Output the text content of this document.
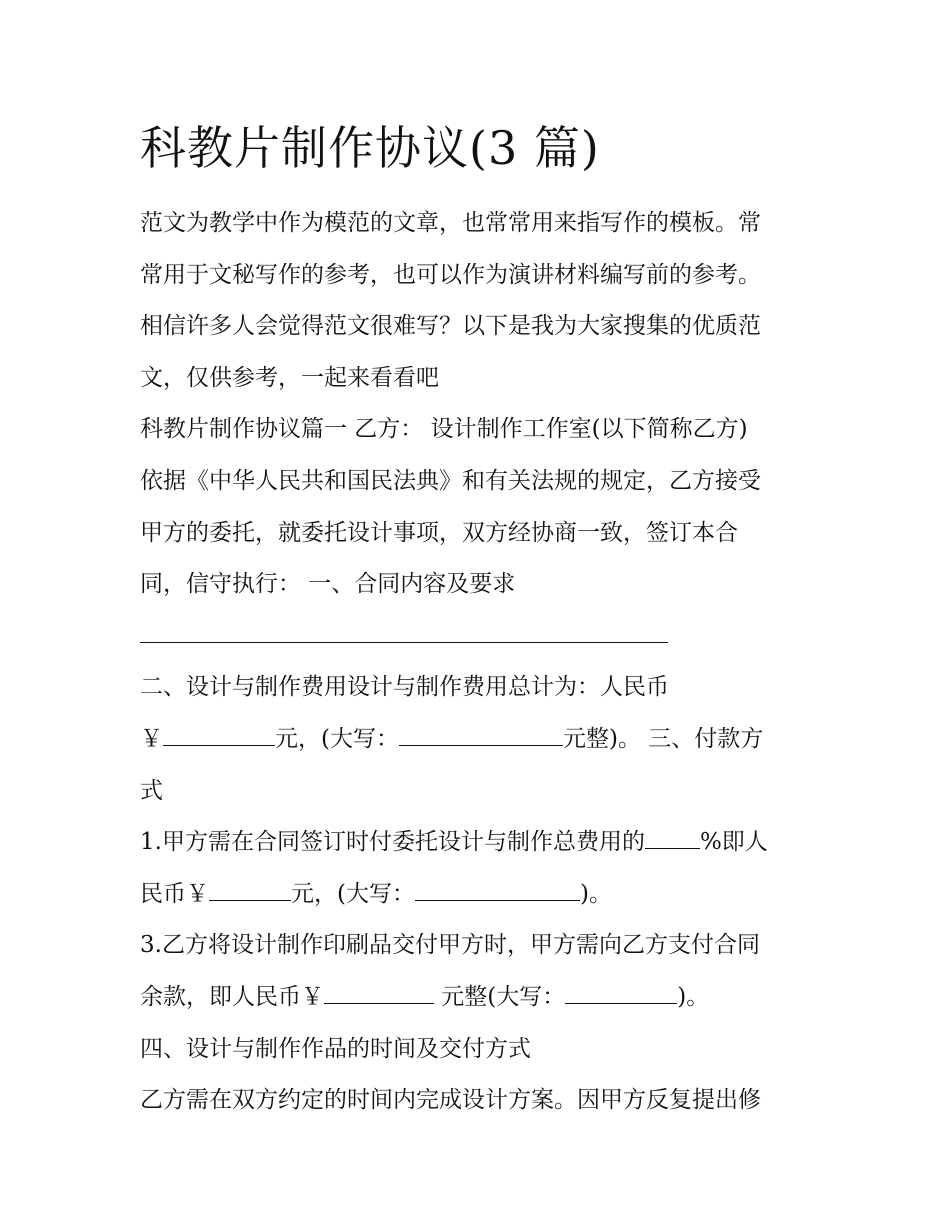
科教片制作协议(3 篇)
范文为教学中作为模范的文章，也常常用来指写作的模板。常
常用于文秘写作的参考，也可以作为演讲材料编写前的参考。
相信许多人会觉得范文很难写？以下是我为大家搜集的优质范
文，仅供参考，一起来看看吧
科教片制作协议篇一 乙方： 设计制作工作室(以下简称乙方)
依据《中华人民共和国民法典》和有关法规的规定，乙方接受
甲方的委托，就委托设计事项，双方经协商一致，签订本合
同，信守执行： 一、合同内容及要求
二、设计与制作费用设计与制作费用总计为：人民币
￥	元，(大写：	元整)。 三、付款方
式
1.甲方需在合同签订时付委托设计与制作总费用的 %即人
民币￥	元，(大写：	)。
3.乙方将设计制作印刷品交付甲方时，甲方需向乙方支付合同
余款，即人民币￥	元整(大写：	)。
四、设计与制作作品的时间及交付方式
乙方需在双方约定的时间内完成设计方案。因甲方反复提出修
